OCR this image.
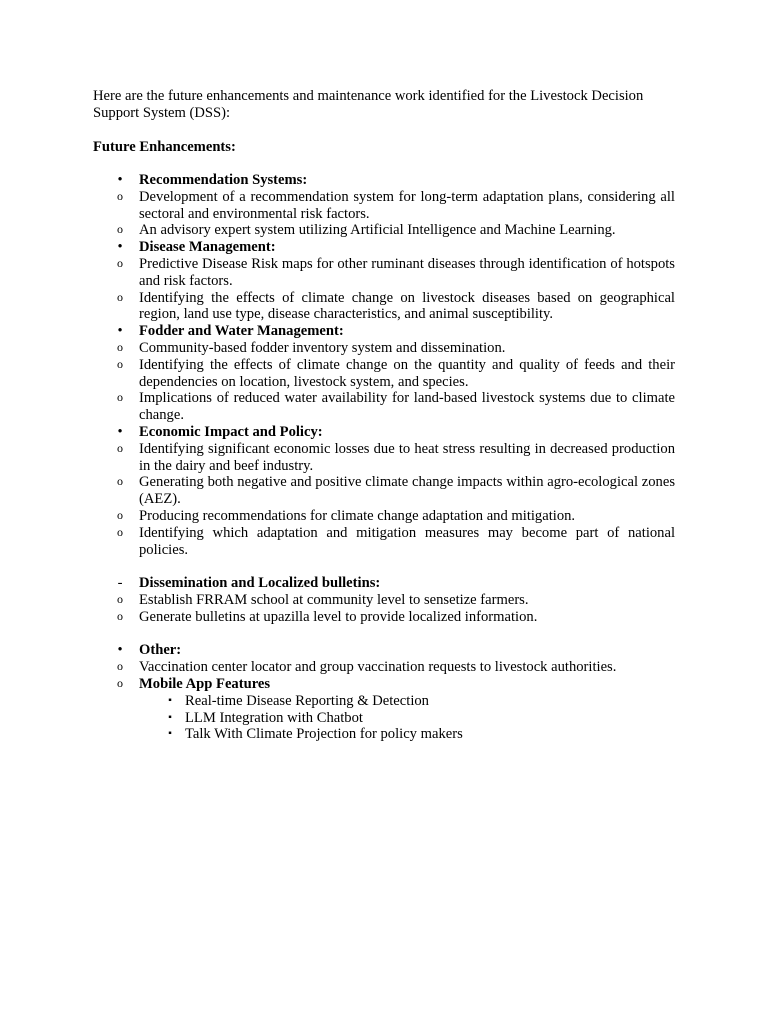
Here are the future enhancements and maintenance work identified for the Livestock Decision Support System (DSS):

Future Enhancements:

•	Recommendation Systems:
o Development of a recommendation system for long-term adaptation plans, considering all sectoral and environmental risk factors.
o An advisory expert system utilizing Artificial Intelligence and Machine Learning.
•	Disease Management:
o Predictive Disease Risk maps for other ruminant diseases through identification of hotspots and risk factors.
o Identifying the effects of climate change on livestock diseases based on geographical region, land use type, disease characteristics, and animal susceptibility.
•	Fodder and Water Management:
o Community-based fodder inventory system and dissemination.
o Identifying the effects of climate change on the quantity and quality of feeds and their dependencies on location, livestock system, and species.
o Implications of reduced water availability for land-based livestock systems due to climate change.
•	Economic Impact and Policy:
o Identifying significant economic losses due to heat stress resulting in decreased production in the dairy and beef industry.
o Generating both negative and positive climate change impacts within agro-ecological zones (AEZ).
o Producing recommendations for climate change adaptation and mitigation.
o Identifying which adaptation and mitigation measures may become part of national policies.
-	Dissemination and Localized bulletins:
o Establish FRRAM school at community level to sensetize farmers.
o Generate bulletins at upazilla level to provide localized information.
•	Other:
o Vaccination center locator and group vaccination requests to livestock authorities.
o Mobile App Features
▪ Real-time Disease Reporting & Detection
▪ LLM Integration with Chatbot
▪ Talk With Climate Projection for policy makers
